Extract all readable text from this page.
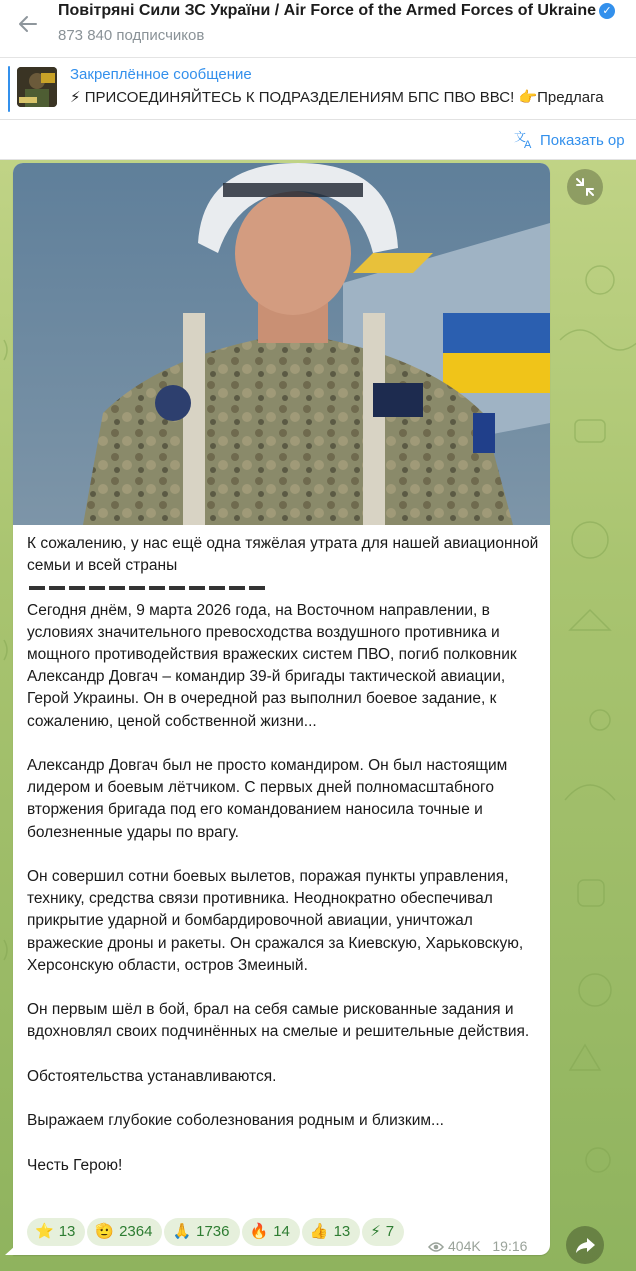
Повітряні Сили ЗС України / Air Force of the Armed Forces of Ukraine ✓
873 840 подписчиков
Закреплённое сообщение
⚡ ПРИСОЕДИНЯЙТЕСЬ К ПОДРАЗДЕЛЕНИЯМ БПС ПВО ВВС! 👉Предлага
文
A Показать ор

К сожалению, у нас ещё одна тяжёлая утрата для нашей авиационной семьи и всей страны

Сегодня днём, 9 марта 2026 года, на Восточном направлении, в условиях значительного превосходства воздушного противника и мощного противодействия вражеских систем ПВО, погиб полковник Александр Довгач – командир 39-й бригады тактической авиации, Герой Украины. Он в очередной раз выполнил боевое задание, к сожалению, ценой собственной жизни...

Александр Довгач был не просто командиром. Он был настоящим лидером и боевым лётчиком. С первых дней полномасштабного вторжения бригада под его командованием наносила точные и болезненные удары по врагу.

Он совершил сотни боевых вылетов, поражая пункты управления, технику, средства связи противника. Неоднократно обеспечивал прикрытие ударной и бомбардировочной авиации, уничтожал вражеские дроны и ракеты. Он сражался за Киевскую, Харьковскую, Херсонскую области, остров Змеиный.

Он первым шёл в бой, брал на себя самые рискованные задания и вдохновлял своих подчинённых на смелые и решительные действия.

Обстоятельства устанавливаются.

Выражаем глубокие соболезнования родным и близким...

Честь Герою!

⭐ 13 🫡 2364 🙏 1736 🔥 14 👍 13 ⚡ 7
404K 19:16
